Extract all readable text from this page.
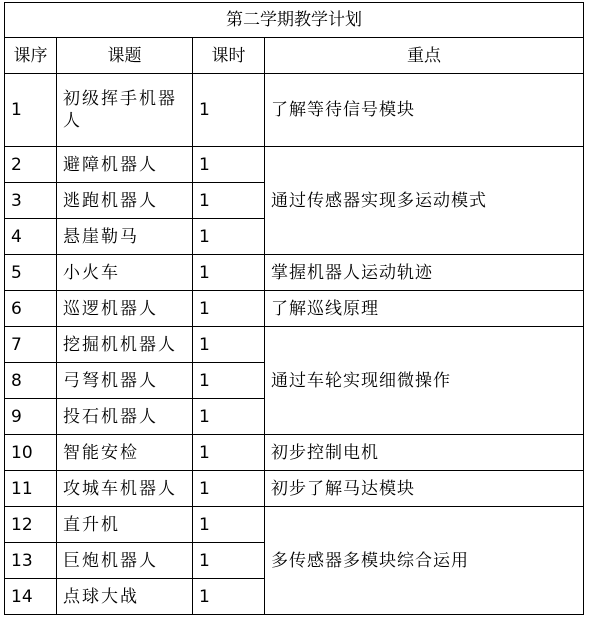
第二学期教学计划			
课序	课题	课时	重点
1	初级挥手机器人	1	了解等待信号模块
2	避障机器人	1	通过传感器实现多运动模式
3	逃跑机器人	1	
4	悬崖勒马	1	
5	小火车	1	掌握机器人运动轨迹
6	巡逻机器人	1	了解巡线原理
7	挖掘机机器人	1	通过车轮实现细微操作
8	弓弩机器人	1	
9	投石机器人	1	
10	智能安检	1	初步控制电机
11	攻城车机器人	1	初步了解马达模块
12	直升机	1	多传感器多模块综合运用
13	巨炮机器人	1	
14	点球大战	1	
